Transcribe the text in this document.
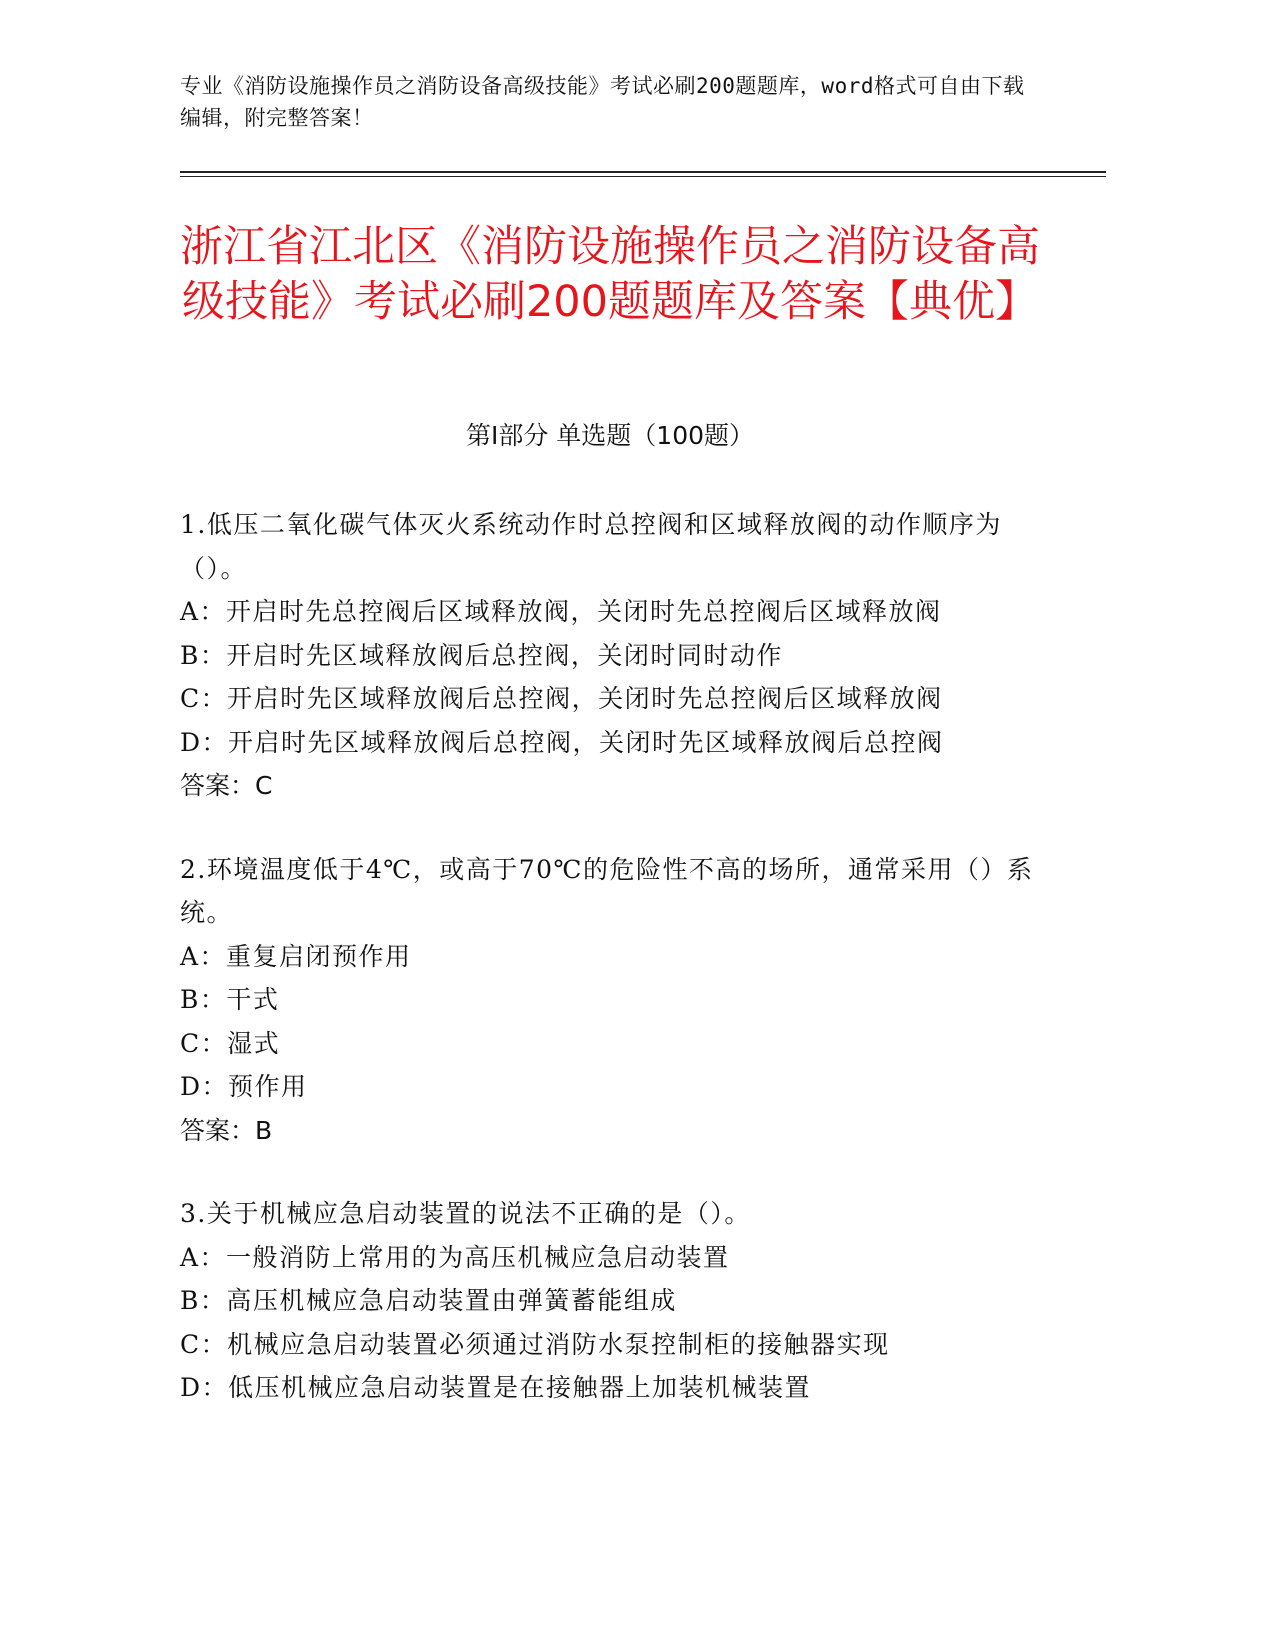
专业《消防设施操作员之消防设备高级技能》考试必刷200题题库，word格式可自由下载编辑，附完整答案！
浙江省江北区《消防设施操作员之消防设备高级技能》考试必刷200题题库及答案【典优】
第I部分 单选题（100题）

1.低压二氧化碳气体灭火系统动作时总控阀和区域释放阀的动作顺序为（）。

A：开启时先总控阀后区域释放阀，关闭时先总控阀后区域释放阀

B：开启时先区域释放阀后总控阀，关闭时同时动作

C：开启时先区域释放阀后总控阀，关闭时先总控阀后区域释放阀

D：开启时先区域释放阀后总控阀，关闭时先区域释放阀后总控阀

答案：C

2.环境温度低于4℃，或高于70℃的危险性不高的场所，通常采用（）系统。

A：重复启闭预作用

B：干式

C：湿式

D：预作用

答案：B

3.关于机械应急启动装置的说法不正确的是（）。

A：一般消防上常用的为高压机械应急启动装置

B：高压机械应急启动装置由弹簧蓄能组成

C：机械应急启动装置必须通过消防水泵控制柜的接触器实现

D：低压机械应急启动装置是在接触器上加装机械装置
